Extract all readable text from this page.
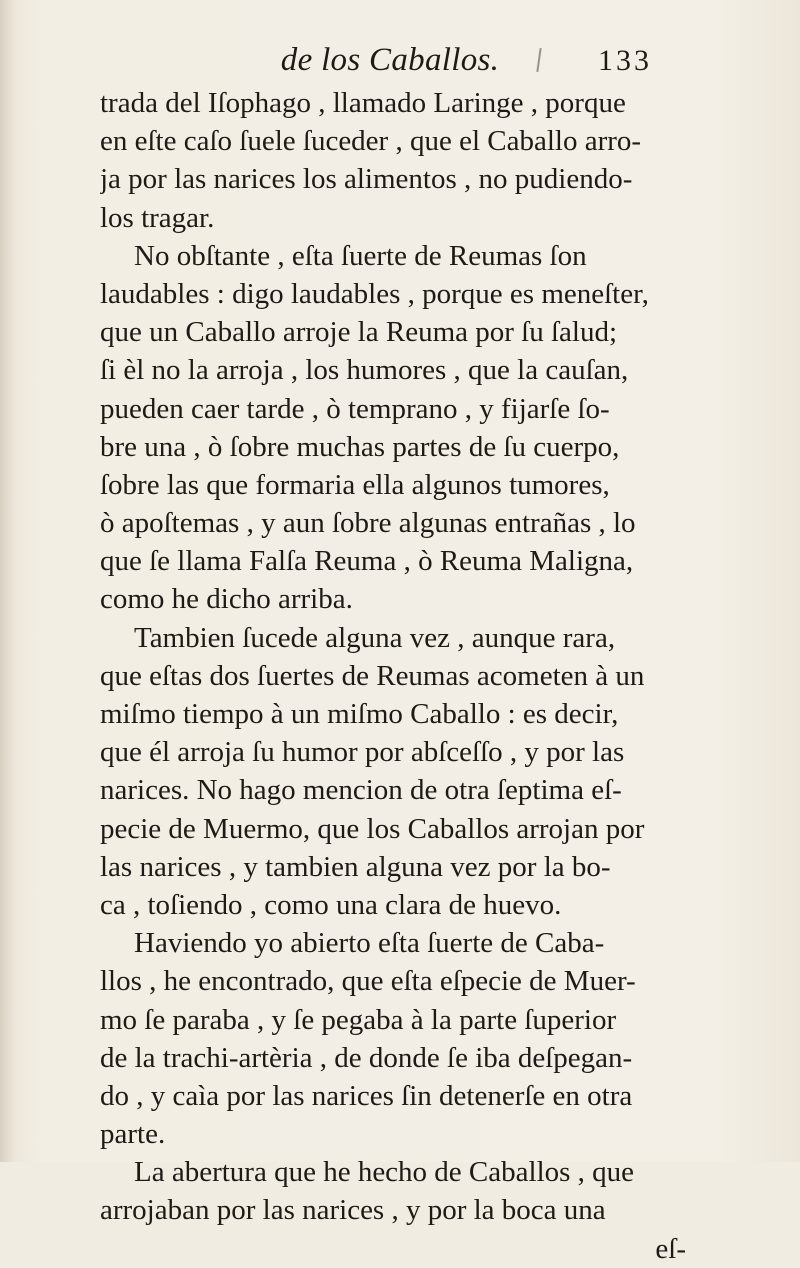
de los Caballos.	133
trada del Iſophago , llamado Laringe , porque
en eſte caſo ſuele ſuceder , que el Caballo arro-
ja por las narices los alimentos , no pudiendo-
los tragar.
No obſtante , eſta ſuerte de Reumas ſon
laudables : digo laudables , porque es meneſter,
que un Caballo arroje la Reuma por ſu ſalud;
ſi èl no la arroja , los humores , que la cauſan,
pueden caer tarde , ò temprano , y fijarſe ſo-
bre una , ò ſobre muchas partes de ſu cuerpo,
ſobre las que formaria ella algunos tumores,
ò apoſtemas , y aun ſobre algunas entrañas , lo
que ſe llama Falſa Reuma , ò Reuma Maligna,
como he dicho arriba.
Tambien ſucede alguna vez , aunque rara,
que eſtas dos ſuertes de Reumas acometen à un
miſmo tiempo à un miſmo Caballo : es decir,
que él arroja ſu humor por abſceſſo , y por las
narices. No hago mencion de otra ſeptima eſ-
pecie de Muermo, que los Caballos arrojan por
las narices , y tambien alguna vez por la bo-
ca , toſiendo , como una clara de huevo.
Haviendo yo abierto eſta ſuerte de Caba-
llos , he encontrado, que eſta eſpecie de Muer-
mo ſe paraba , y ſe pegaba à la parte ſuperior
de la trachi-artèria , de donde ſe iba deſpegan-
do , y caìa por las narices ſin detenerſe en otra
parte.
La abertura que he hecho de Caballos , que
arrojaban por las narices , y por la boca una
eſ-
